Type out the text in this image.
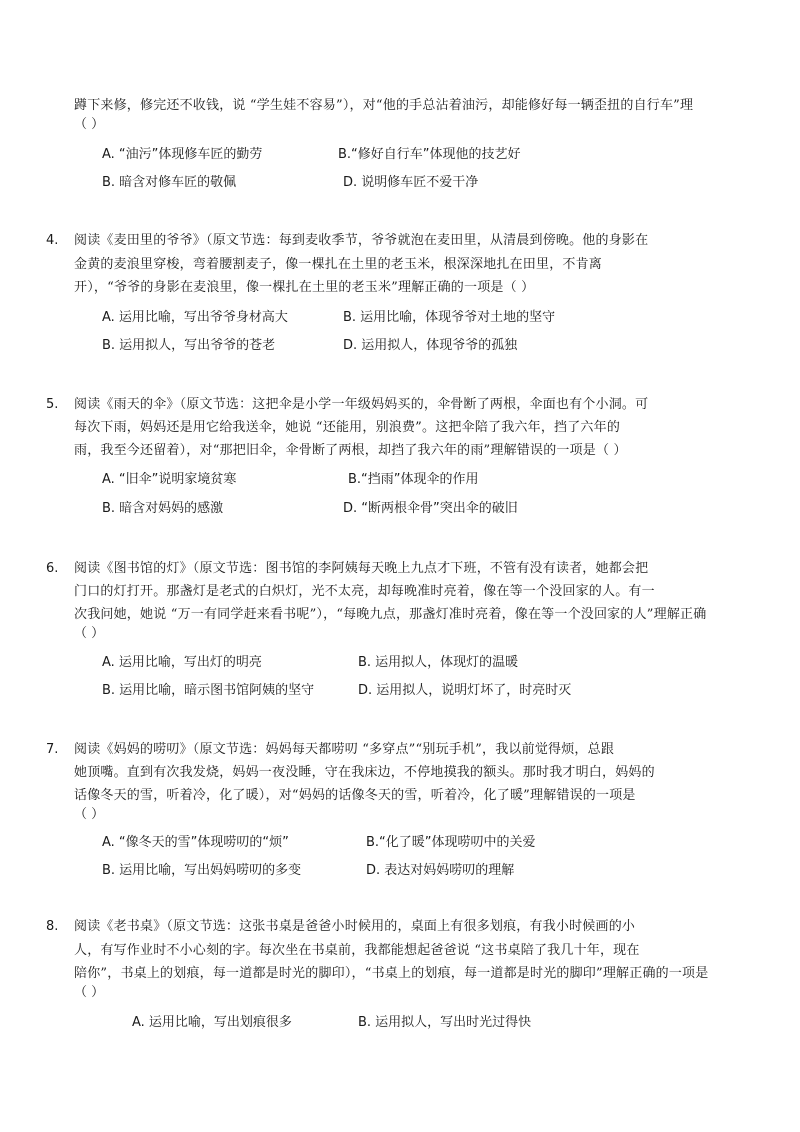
蹲下来修，修完还不收钱，说 “学生娃不容易”），对“他的手总沾着油污，却能修好每一辆歪扭的自行车”理
（ ）
A. “油污”体现修车匠的勤劳	B.“修好自行车”体现他的技艺好
B. 暗含对修车匠的敬佩	D. 说明修车匠不爱干净
4. 阅读《麦田里的爷爷》（原文节选：每到麦收季节，爷爷就泡在麦田里，从清晨到傍晚。他的身影在
金黄的麦浪里穿梭，弯着腰割麦子，像一棵扎在土里的老玉米，根深深地扎在田里，不肯离
开），“爷爷的身影在麦浪里，像一棵扎在土里的老玉米”理解正确的一项是（ ）
A. 运用比喻，写出爷爷身材高大	B. 运用比喻，体现爷爷对土地的坚守
B. 运用拟人，写出爷爷的苍老	D. 运用拟人，体现爷爷的孤独
5. 阅读《雨天的伞》（原文节选：这把伞是小学一年级妈妈买的，伞骨断了两根，伞面也有个小洞。可
每次下雨，妈妈还是用它给我送伞，她说 “还能用，别浪费”。这把伞陪了我六年，挡了六年的
雨，我至今还留着），对“那把旧伞，伞骨断了两根，却挡了我六年的雨”理解错误的一项是（ ）
A. “旧伞”说明家境贫寒	B.“挡雨”体现伞的作用
B. 暗含对妈妈的感激	D. “断两根伞骨”突出伞的破旧
6. 阅读《图书馆的灯》（原文节选：图书馆的李阿姨每天晚上九点才下班，不管有没有读者，她都会把
门口的灯打开。那盏灯是老式的白炽灯，光不太亮，却每晚准时亮着，像在等一个没回家的人。有一
次我问她，她说 “万一有同学赶来看书呢”），“每晚九点，那盏灯准时亮着，像在等一个没回家的人”理解正确
（ ）
A. 运用比喻，写出灯的明亮	B. 运用拟人，体现灯的温暖
B. 运用比喻，暗示图书馆阿姨的坚守	D. 运用拟人，说明灯坏了，时亮时灭
7. 阅读《妈妈的唠叨》（原文节选：妈妈每天都唠叨 “多穿点”“别玩手机”，我以前觉得烦，总跟
她顶嘴。直到有次我发烧，妈妈一夜没睡，守在我床边，不停地摸我的额头。那时我才明白，妈妈的
话像冬天的雪，听着冷，化了暖），对“妈妈的话像冬天的雪，听着冷，化了暖”理解错误的一项是
（ ）
A. “像冬天的雪”体现唠叨的“烦”	B.“化了暖”体现唠叨中的关爱
B. 运用比喻，写出妈妈唠叨的多变	D. 表达对妈妈唠叨的理解
8. 阅读《老书桌》（原文节选：这张书桌是爸爸小时候用的，桌面上有很多划痕，有我小时候画的小
人，有写作业时不小心刻的字。每次坐在书桌前，我都能想起爸爸说 “这书桌陪了我几十年，现在
陪你”，书桌上的划痕，每一道都是时光的脚印），“书桌上的划痕，每一道都是时光的脚印”理解正确的一项是
（ ）
A. 运用比喻，写出划痕很多	B. 运用拟人，写出时光过得快
